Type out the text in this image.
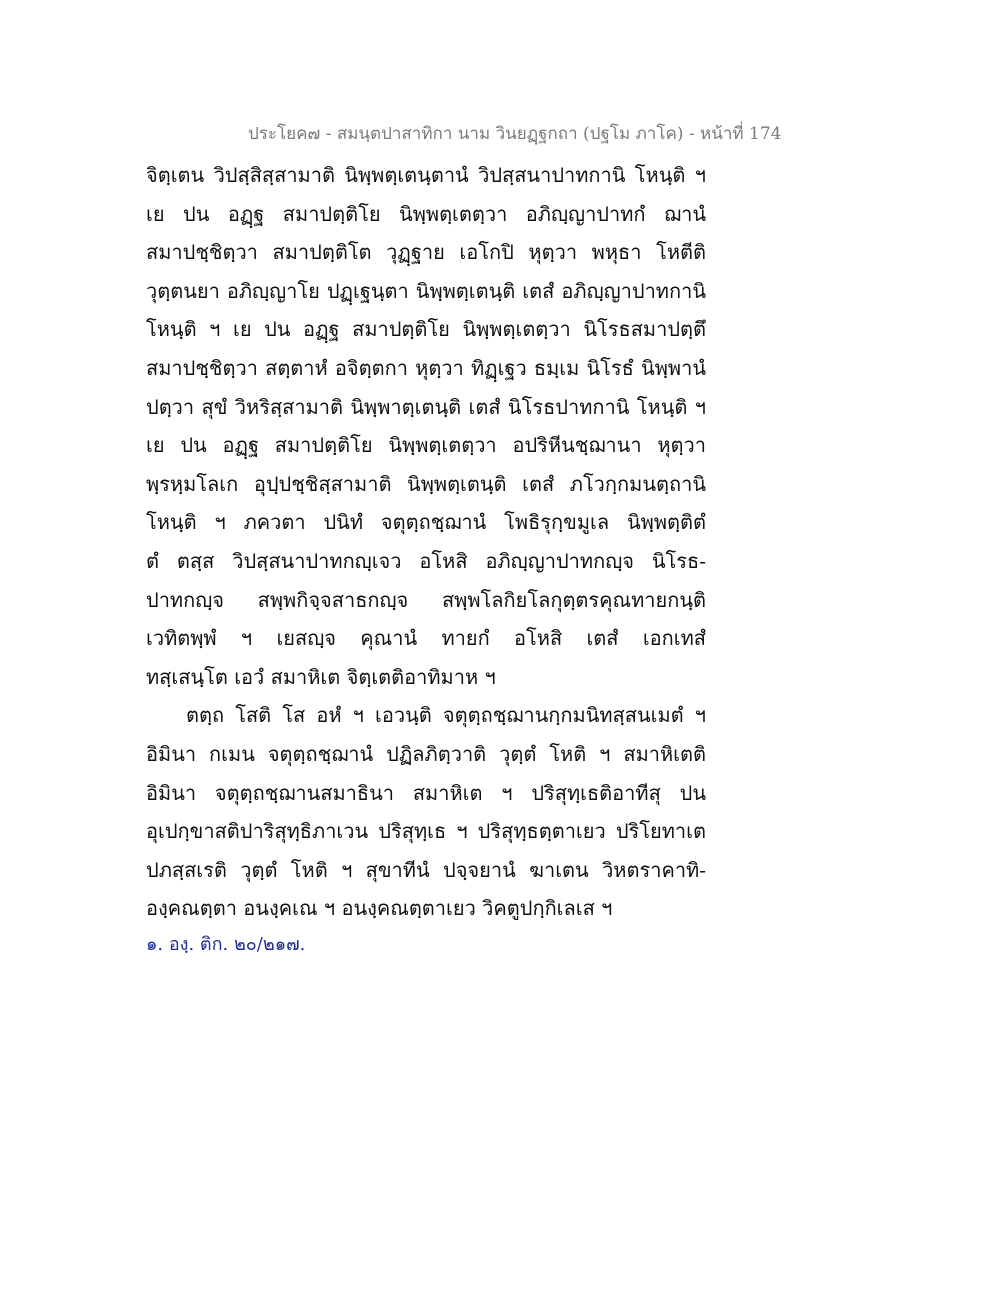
ประโยค๗ - สมนฺตปาสาทิกา นาม วินยฏฺฐกถา (ปฐโม ภาโค) - หน้าที่ 174
จิตฺเตน วิปสฺสิสฺสามาติ นิพฺพตฺเตนฺตานํ วิปสฺสนาปาทกานิ โหนฺติ ฯ
เย ปน อฏฺฐ สมาปตฺติโย นิพฺพตฺเตตฺวา อภิญฺญาปาทกํ ฌานํ
สมาปชฺชิตฺวา สมาปตฺติโต วุฏฺฐาย เอโกปิ หุตฺวา พหุธา โหตีติ
วุตฺตนยา อภิญฺญาโย ปฏฺเฐนฺตา นิพฺพตฺเตนฺติ เตสํ อภิญฺญาปาทกานิ
โหนฺติ ฯ เย ปน อฏฺฐ สมาปตฺติโย นิพฺพตฺเตตฺวา นิโรธสมาปตฺตึ
สมาปชฺชิตฺวา สตฺตาหํ อจิตฺตกา หุตฺวา ทิฏฺเฐว ธมฺเม นิโรธํ นิพฺพานํ
ปตฺวา สุขํ วิหริสฺสามาติ นิพฺพาตฺเตนฺติ เตสํ นิโรธปาทกานิ โหนฺติ ฯ
เย ปน อฏฺฐ สมาปตฺติโย นิพฺพตฺเตตฺวา อปริหีนชฺฌานา หุตฺวา
พฺรหฺมโลเก อุปฺปชฺชิสฺสามาติ นิพฺพตฺเตนฺติ เตสํ ภโวกฺกมนตฺถานิ
โหนฺติ ฯ ภควตา ปนิทํ จตุตฺถชฺฌานํ โพธิรุกฺขมูเล นิพฺพตฺติตํ
ตํ ตสฺส วิปสฺสนาปาทกญฺเจว อโหสิ อภิญฺญาปาทกญฺจ นิโรธ-
ปาทกญฺจ สพฺพกิจฺจสาธกญฺจ สพฺพโลกิยโลกุตฺตรคุณทายกนฺติ
เวทิตพฺพํ ฯ เยสญฺจ คุณานํ ทายกํ อโหสิ เตสํ เอกเทสํ
ทสฺเสนฺโต เอวํ สมาหิเต จิตฺเตติอาทิมาห ฯ
ตตฺถ โสติ โส อหํ ฯ เอวนฺติ จตุตฺถชฺฌานกฺกมนิทสฺสนเมตํ ฯ
อิมินา กเมน จตุตฺถชฺฌานํ ปฏิลภิตฺวาติ วุตฺตํ โหติ ฯ สมาหิเตติ
อิมินา จตุตฺถชฺฌานสมาธินา สมาหิเต ฯ ปริสุทฺเธติอาทีสุ ปน
อุเปกฺขาสติปาริสุทฺธิภาเวน ปริสุทฺเธ ฯ ปริสุทฺธตฺตาเยว ปริโยทาเต
ปภสฺสเรติ วุตฺตํ โหติ ฯ สุขาทีนํ ปจฺจยานํ ฆาเตน วิหตราคาทิ-
องฺคณตฺตา อนงฺคเณ ฯ อนงฺคณตฺตาเยว วิคตูปกฺกิเลเส ฯ
๑. องฺ. ติก. ๒๐/๒๑๗.
